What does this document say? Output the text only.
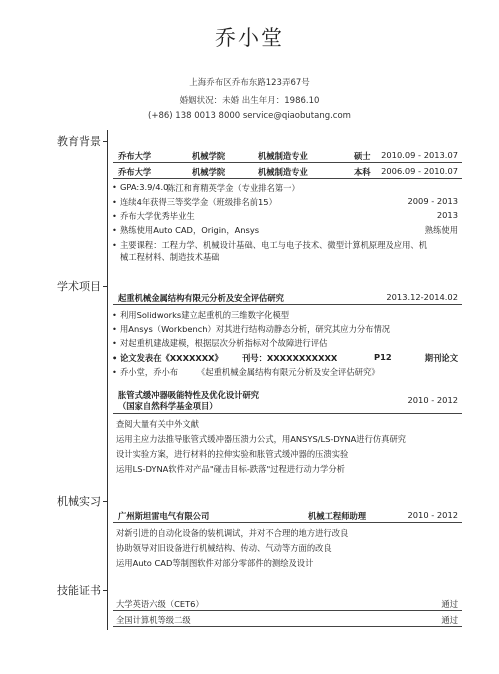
乔小堂
上海乔布区乔布东路123弄67号
婚姻状况：未婚 出生年月：1986.10
(+86) 138 0013 8000 service@qiaobutang.com
教育背景
乔布大学	机械学院	机械制造专业	硕士 2010.09 - 2013.07
乔布大学	机械学院	机械制造专业	本科 2006.09 - 2010.07
• GPA:3.9/4.0
陈江和育精英学金（专业排名第一）
• 连续4年获得三等奖学金（班级排名前15）	2009 - 2013
• 乔布大学优秀毕业生	2013
• 熟练使用Auto CAD，Origin，Ansys	熟练使用
• 主要课程：工程力学、机械设计基础、电工与电子技术、微型计算机原理及应用、机
械工程材料、制造技术基础
学术项目
起重机械金属结构有限元分析及安全评估研究	2013.12-2014.02
• 利用Solidworks建立起重机的三维数字化模型
• 用Ansys（Workbench）对其进行结构动静态分析，研究其应力分布情况
• 对起重机建战建模，根据层次分析指标对个故障进行评估
• 论文发表在《XXXXXXX》 刊号：XXXXXXXXXXX	P12	期刊论文
• 乔小堂，乔小布 《起重机械金属结构有限元分析及安全评估研究》
胀管式缓冲器吸能特性及优化设计研究
（国家自然科学基金项目）
2010 - 2012
查阅大量有关中外文献
运用主应力法推导胀管式缓冲器压溃力公式，用ANSYS/LS-DYNA进行仿真研究
设计实验方案，进行材料的拉伸实验和胀管式缓冲器的压溃实验
运用LS-DYNA软件对产品"碰击目标-跌落"过程进行动力学分析
机械实习
广州斯坦雷电气有限公司	机械工程师助理	2010 - 2012
对新引进的自动化设备的装机调试，并对不合理的地方进行改良
协助领导对旧设备进行机械结构、传动、气动等方面的改良
运用Auto CAD等制图软件对部分零部件的测绘及设计
技能证书
大学英语六级（CET6）	通过
全国计算机等级二级	通过
